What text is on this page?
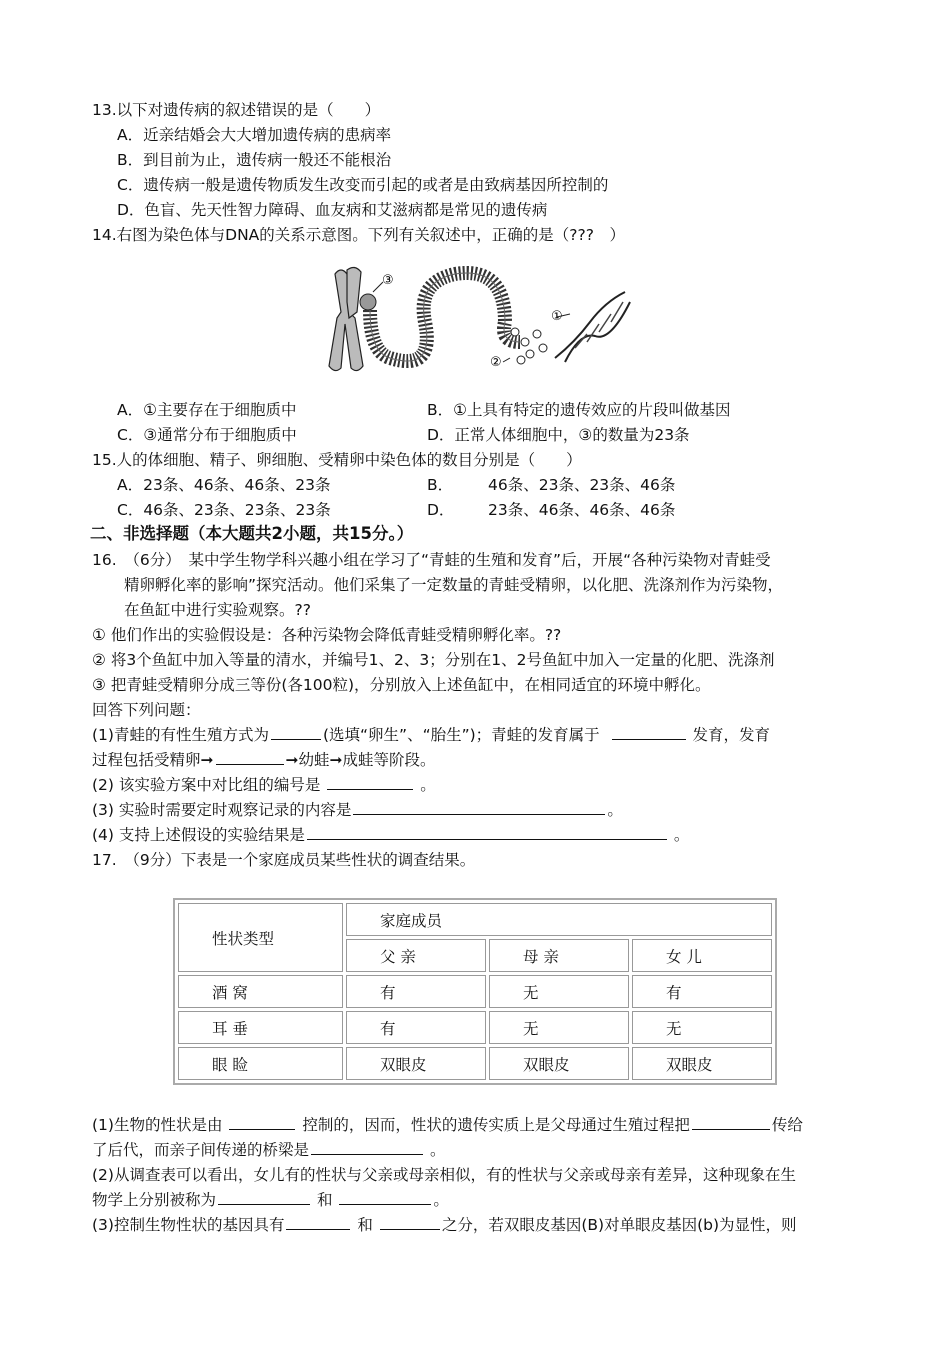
13.以下对遗传病的叙述错误的是（　　）
A．近亲结婚会大大增加遗传病的患病率
B．到目前为止，遗传病一般还不能根治
C．遗传病一般是遗传物质发生改变而引起的或者是由致病基因所控制的
D．色盲、先天性智力障碍、血友病和艾滋病都是常见的遗传病
14.右图为染色体与DNA的关系示意图。下列有关叙述中，正确的是（???　）
③
②
①
A．①主要存在于细胞质中	B．①上具有特定的遗传效应的片段叫做基因
C．③通常分布于细胞质中	D．正常人体细胞中，③的数量为23条
15.人的体细胞、精子、卵细胞、受精卵中染色体的数目分别是（　　）
A．23条、46条、46条、23条	B． 46条、23条、23条、46条
C．46条、23条、23条、23条	D． 23条、46条、46条、46条
二、非选择题（本大题共2小题，共15分。）
16.　（6分）　某中学生物学科兴趣小组在学习了“青蛙的生殖和发育”后，开展“各种污染物对青蛙受
精卵孵化率的影响”探究活动。他们采集了一定数量的青蛙受精卵，以化肥、洗涤剂作为污染物，
在鱼缸中进行实验观察。??
① 他们作出的实验假设是：各种污染物会降低青蛙受精卵孵化率。??
② 将3个鱼缸中加入等量的清水，并编号1、2、3；分别在1、2号鱼缸中加入一定量的化肥、洗涤剂
③ 把青蛙受精卵分成三等份(各100粒)，分别放入上述鱼缸中，在相同适宜的环境中孵化。
回答下列问题：
(1)青蛙的有性生殖方式为	(选填“卵生”、“胎生”)；青蛙的发育属于	发育，发育
过程包括受精卵➞	➞幼蛙➞成蛙等阶段。
(2) 该实验方案中对比组的编号是	。
(3) 实验时需要定时观察记录的内容是	。
(4) 支持上述假设的实验结果是	。
17.　（9分）下表是一个家庭成员某些性状的调查结果。
性状类型	家庭成员		
	父 亲	母 亲	女 儿
酒 窝	有	无	有
耳 垂	有	无	无
眼 睑	双眼皮	双眼皮	双眼皮
(1)生物的性状是由	控制的，因而，性状的遗传实质上是父母通过生殖过程把	传给
了后代，而亲子间传递的桥梁是	。
(2)从调查表可以看出，女儿有的性状与父亲或母亲相似，有的性状与父亲或母亲有差异，这种现象在生
物学上分别被称为	和	。
(3)控制生物性状的基因具有	和	之分，若双眼皮基因(B)对单眼皮基因(b)为显性，则
